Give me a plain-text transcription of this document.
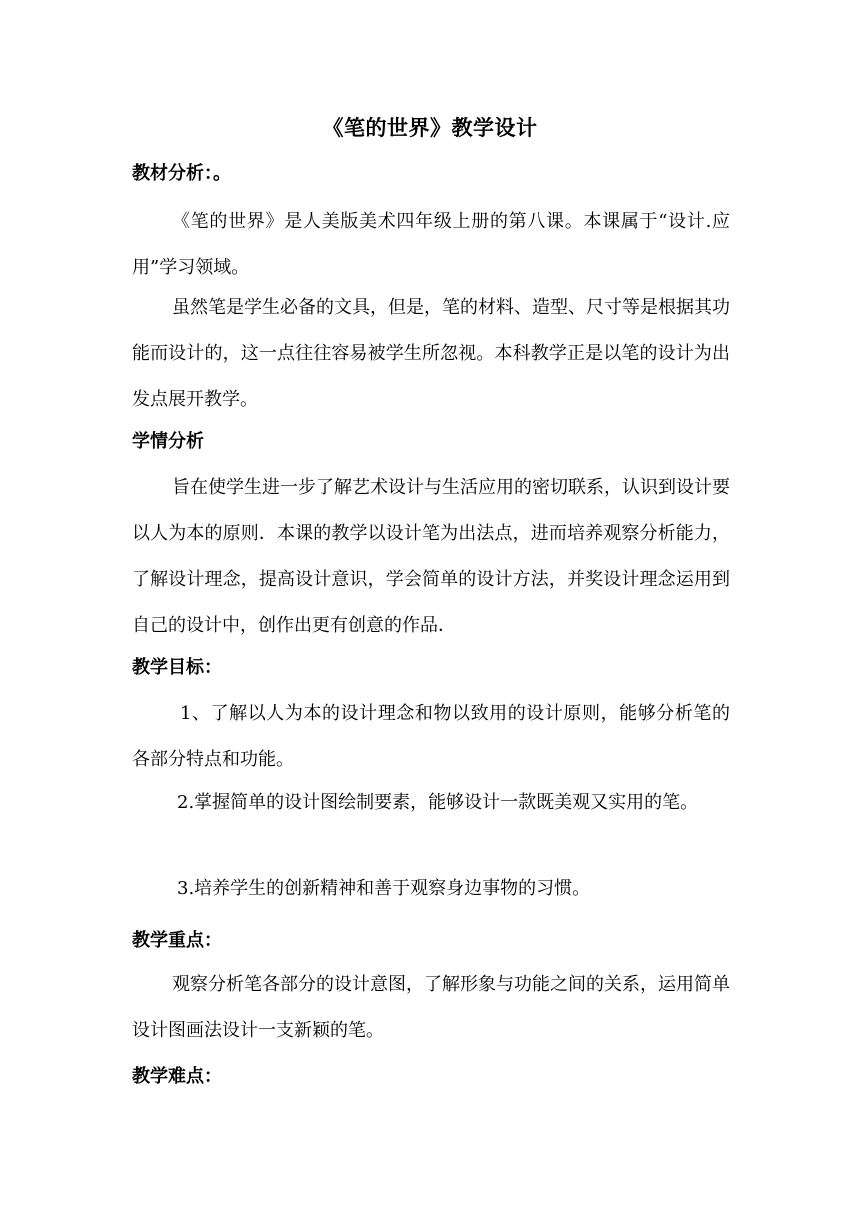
《笔的世界》教学设计
教材分析：。

《笔的世界》是人美版美术四年级上册的第八课。本课属于“设计.应用”学习领域。

虽然笔是学生必备的文具，但是，笔的材料、造型、尺寸等是根据其功能而设计的，这一点往往容易被学生所忽视。本科教学正是以笔的设计为出发点展开教学。

学情分析

旨在使学生进一步了解艺术设计与生活应用的密切联系，认识到设计要以人为本的原则．本课的教学以设计笔为出法点，进而培养观察分析能力，了解设计理念，提高设计意识，学会简单的设计方法，并奖设计理念运用到自己的设计中，创作出更有创意的作品．

教学目标：

1、了解以人为本的设计理念和物以致用的设计原则，能够分析笔的各部分特点和功能。

2.掌握简单的设计图绘制要素，能够设计一款既美观又实用的笔。

3.培养学生的创新精神和善于观察身边事物的习惯。

教学重点：

观察分析笔各部分的设计意图，了解形象与功能之间的关系，运用简单设计图画法设计一支新颖的笔。

教学难点：
